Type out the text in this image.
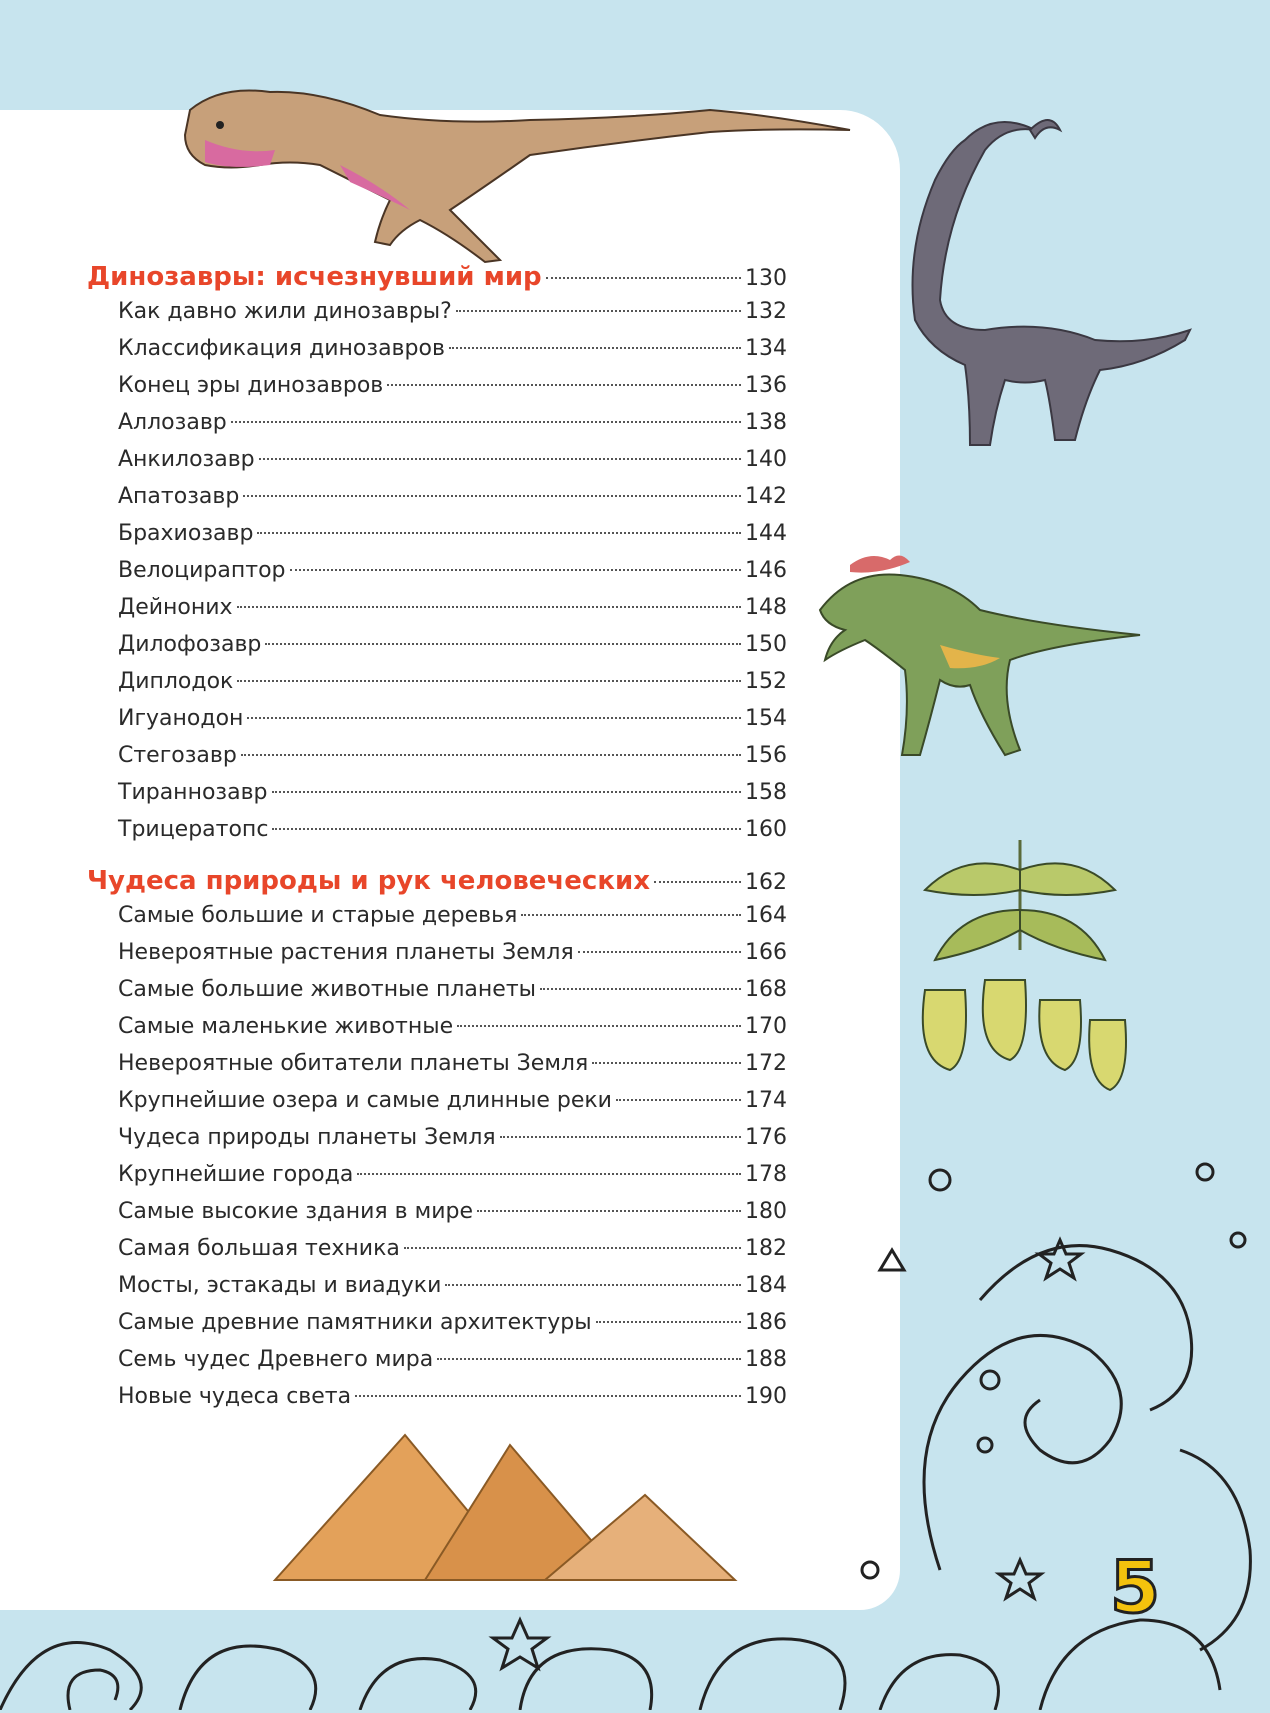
Динозавры: исчезнувший мир	130
Как давно жили динозавры?	132
Классификация динозавров	134
Конец эры динозавров	136
Аллозавр	138
Анкилозавр	140
Апатозавр	142
Брахиозавр	144
Велоцираптор	146
Дейноних	148
Дилофозавр	150
Диплодок	152
Игуанодон	154
Стегозавр	156
Тираннозавр	158
Трицератопс	160
Чудеса природы и рук человеческих	162
Самые большие и старые деревья	164
Невероятные растения планеты Земля	166
Самые большие животные планеты	168
Самые маленькие животные	170
Невероятные обитатели планеты Земля	172
Крупнейшие озера и самые длинные реки	174
Чудеса природы планеты Земля	176
Крупнейшие города	178
Самые высокие здания в мире	180
Самая большая техника	182
Мосты, эстакады и виадуки	184
Самые древние памятники архитектуры	186
Семь чудес Древнего мира	188
Новые чудеса света	190
5
